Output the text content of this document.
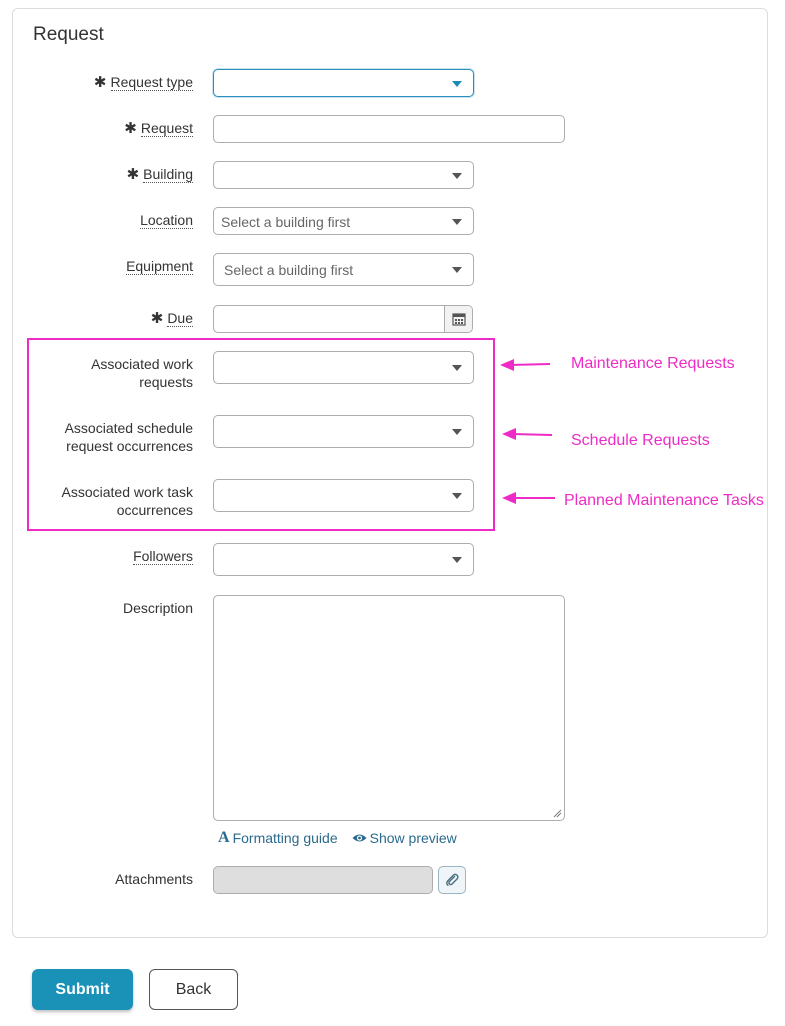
Request
✱ Request type
✱ Request
✱ Building
Location Select a building first
Equipment Select a building first
✱ Due
Associated work
requests
Associated schedule
request occurrences
Associated work task
occurrences
Maintenance Requests
Schedule Requests
Planned Maintenance Tasks
Followers
Description
A Formatting guide Show preview
Attachments
Submit	Back
